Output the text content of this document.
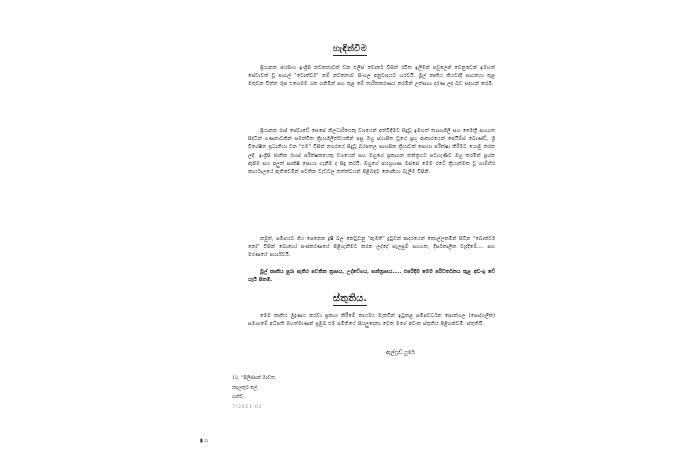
හැඳින්වීම

ප්‍රියානන ජයසිංහ ඉංග්‍රීසි නවකතාවක් වන එලීස් වොකර් විසින් රචිත ඉලිමන් පවුලෙන් වෙනුවෙන් ඉමහත් සේවාවක් වූ පාඨල් "වොක්වර්" නම් නවකතාව සිංහල අනුවාදයට හරවයි. මූල් කෘතිය කියවද්දී පාඨකයා තුළ මතුවන චිත්ත රූප එහෙමම රැක ගනිමින් සහ තුළ මේ තාරිතකරණය කරමින් උත්සාහ දරණ ලද බව සඳහන් කරමි.

ප්‍රියානන රාජ් සේවාවේ සෙසේ නිලධාරියෙකු වශයෙන් අත්විඳීමට සිදුවූ ඉමහත් ත්‍යාගශීලී සහ මෛත්‍රී සහගත සිද්ධීන් ගණනාවකින් සමන්විත ක්‍රියාශීලීත්වයකින් පසු ඔහු ස්ථාපිත වූයේ ප්‍රභූ ආකාරයෙන් ජෙයිම්ස් බොණ්ඩ්, ශ්‍රී විශේෂිත ප්‍රධානියා වන "එම" විසින් නගරයේ සිදුවූ බරපතල සාහසික ක්‍රියාවක් සොයා පරීක්ෂා කිරීමට යොමු කරන ලදී. ඉංග්‍රීසි ජාතික රහස් පරීක්ෂකයෙකු වශයෙන් සහ ඔහුගේ ප්‍රකාශන තන්ත්‍රයට පටහැණිව ඔහු කරමින් ප්‍රශ්න ඇසීම සහ අලුත් සාක්ෂි සොයා ගැනීම ද සිදු කරයි. ඔහුගේ ජයග්‍රහණ ඔස්සේ මෙම රටේ ක්‍රියාත්මක වූ ගාම්භීර කාර්යාලයේ ඇතිවෙමින් පවතින වැඩවල තත්ත්වයන් පිළිබඳව නොකියා බැලීම විසිනි.

නමුත්, සමීපයට ගිය පෙනෙන දූෂී බල කෙටුවනු "ඇමති" දුටුවන් ආදරයෙන් කොල්ලකමින් සිටින "බොක්වර් නෝ" විසින් බොහෝ සංස්කරණයේ පිළිගැනීමට කරන ලද්දේ සැලසුම් සහගත, දීර්ඝකාලීන වැද්දීමේ.... සහ මරණයේ පාර්ශ්වයි.

මූල් කෘතිය පුරා පැතිර පවතින ත්‍රාසය, උද්වේගය, සන්ත්‍රාසය..... එපරිදිම මෙම පරිවර්තනය තුළ අඩංගු වේ යැයි සිතමි.

ස්තුතිය.

මෙම කෘතිය මුද්‍රණය කරවා ප්‍රකාශ කිරීමේ කාර්යය මැනවින් ඉටුකළ සමීපවර්ධන පොත්හල (පොද්ගලික) සමාගමේ අධිපති මහත්මාණන් ප්‍රමුඛ එම සමිතියේ සියලුදෙනා වෙත මගේ අවංක ස්තුතිය පිළිගන්වමි. ස්තුතියි.

ඇල්ෆ්‍රඩ් ෆුරේ
12, "පිලිප්සන් මාවත,
නදලකූර් ලේ,
හන්ඩ,
7/2021-02
▮ ▫
